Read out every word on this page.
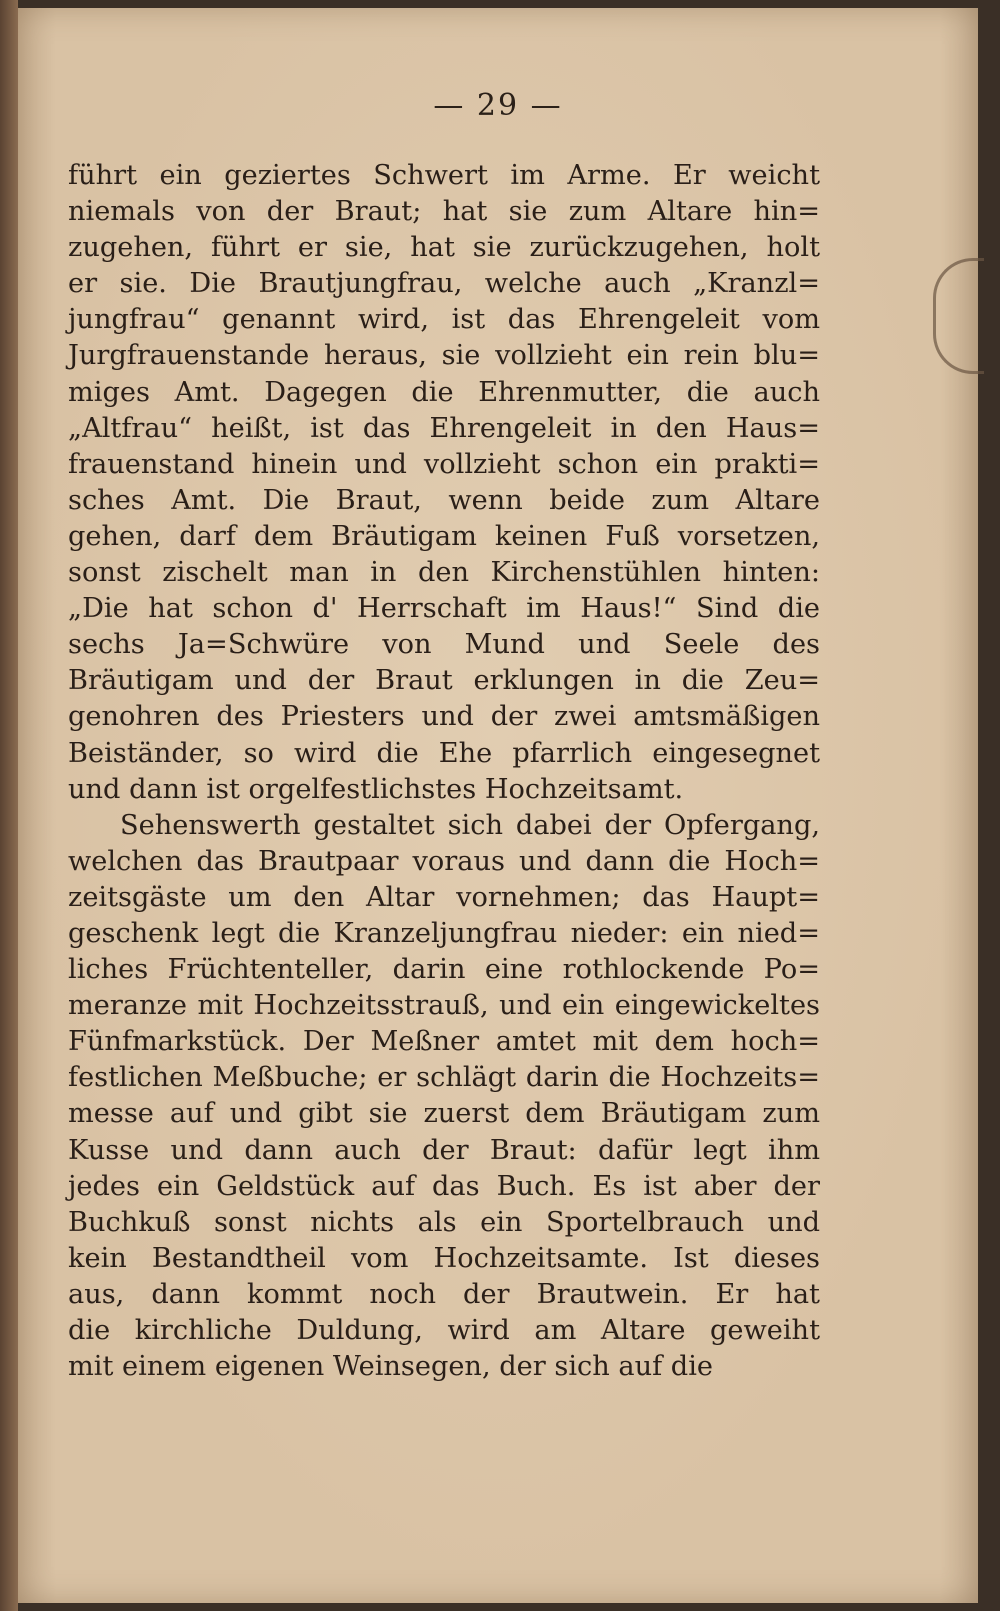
— 29 —
führt ein geziertes Schwert im Arme. Er weicht
niemals von der Braut; hat sie zum Altare hin=
zugehen, führt er sie, hat sie zurückzugehen, holt
er sie. Die Brautjungfrau, welche auch „Kranzl=
jungfrau“ genannt wird, ist das Ehrengeleit vom
Jurgfrauenstande heraus, sie vollzieht ein rein blu=
miges Amt. Dagegen die Ehrenmutter, die auch
„Altfrau“ heißt, ist das Ehrengeleit in den Haus=
frauenstand hinein und vollzieht schon ein prakti=
sches Amt. Die Braut, wenn beide zum Altare
gehen, darf dem Bräutigam keinen Fuß vorsetzen,
sonst zischelt man in den Kirchenstühlen hinten:
„Die hat schon d' Herrschaft im Haus!“ Sind die
sechs Ja=Schwüre von Mund und Seele des
Bräutigam und der Braut erklungen in die Zeu=
genohren des Priesters und der zwei amtsmäßigen
Beiständer, so wird die Ehe pfarrlich eingesegnet
und dann ist orgelfestlichstes Hochzeitsamt.
Sehenswerth gestaltet sich dabei der Opfergang,
welchen das Brautpaar voraus und dann die Hoch=
zeitsgäste um den Altar vornehmen; das Haupt=
geschenk legt die Kranzeljungfrau nieder: ein nied=
liches Früchtenteller, darin eine rothlockende Po=
meranze mit Hochzeitsstrauß, und ein eingewickeltes
Fünfmarkstück. Der Meßner amtet mit dem hoch=
festlichen Meßbuche; er schlägt darin die Hochzeits=
messe auf und gibt sie zuerst dem Bräutigam zum
Kusse und dann auch der Braut: dafür legt ihm
jedes ein Geldstück auf das Buch. Es ist aber der
Buchkuß sonst nichts als ein Sportelbrauch und
kein Bestandtheil vom Hochzeitsamte. Ist dieses
aus, dann kommt noch der Brautwein. Er hat
die kirchliche Duldung, wird am Altare geweiht
mit einem eigenen Weinsegen, der sich auf die
